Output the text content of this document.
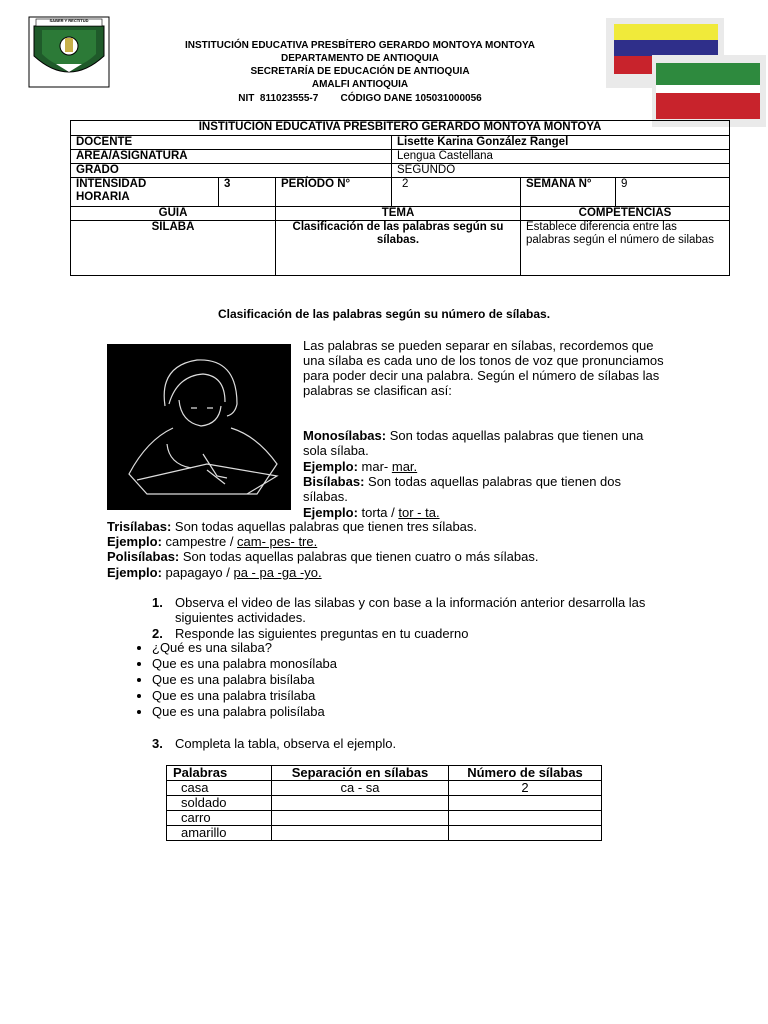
SABER Y RECTITUD
INSTITUCIÓN EDUCATIVA PRESBÍTERO GERARDO MONTOYA MONTOYA
DEPARTAMENTO DE ANTIOQUIA
SECRETARÍA DE EDUCACIÓN DE ANTIOQUIA
AMALFI ANTIOQUIA
NIT  811023555-7        CÓDIGO DANE 105031000056
INSTITUCION EDUCATIVA PRESBITERO GERARDO MONTOYA MONTOYA					
DOCENTE			Lisette Karina González Rangel		
AREA/ASIGNATURA			Lengua Castellana		
GRADO			SEGUNDO		

INTENSIDAD
HORARIA	3	PERÍODO N°	2	SEMANA N°	9
GUIA		TEMA		COMPETENCIAS	
SILABA		Clasificación de las palabras según su sílabas.		Establece diferencia entre las palabras según el número de silabas	
Clasificación de las palabras según su número de sílabas.
Las palabras se pueden separar en sílabas, recordemos que una sílaba es cada uno de los tonos de voz que pronunciamos para poder decir una palabra. Según el número de sílabas las palabras se clasifican así:
Monosílabas: Son todas aquellas palabras que tienen una sola sílaba.
Ejemplo: mar- mar.
Bisílabas: Son todas aquellas palabras que tienen dos sílabas.
Ejemplo: torta / tor - ta.
Trisílabas: Son todas aquellas palabras que tienen tres sílabas.
Ejemplo: campestre / cam- pes- tre.
Polisílabas: Son todas aquellas palabras que tienen cuatro o más sílabas.
Ejemplo: papagayo / pa - pa -ga -yo.
1. Observa el video de las silabas y con base a la información anterior desarrolla las siguientes actividades.
2. Responde las siguientes preguntas en tu cuaderno
• ¿Qué es una silaba?
• Que es una palabra monosílaba
• Que es una palabra bisílaba
• Que es una palabra trisílaba
• Que es una palabra polisílaba
3. Completa la tabla, observa el ejemplo.
Palabras	Separación en sílabas	Número de sílabas
casa	ca - sa	2
soldado		
carro		
amarillo		
